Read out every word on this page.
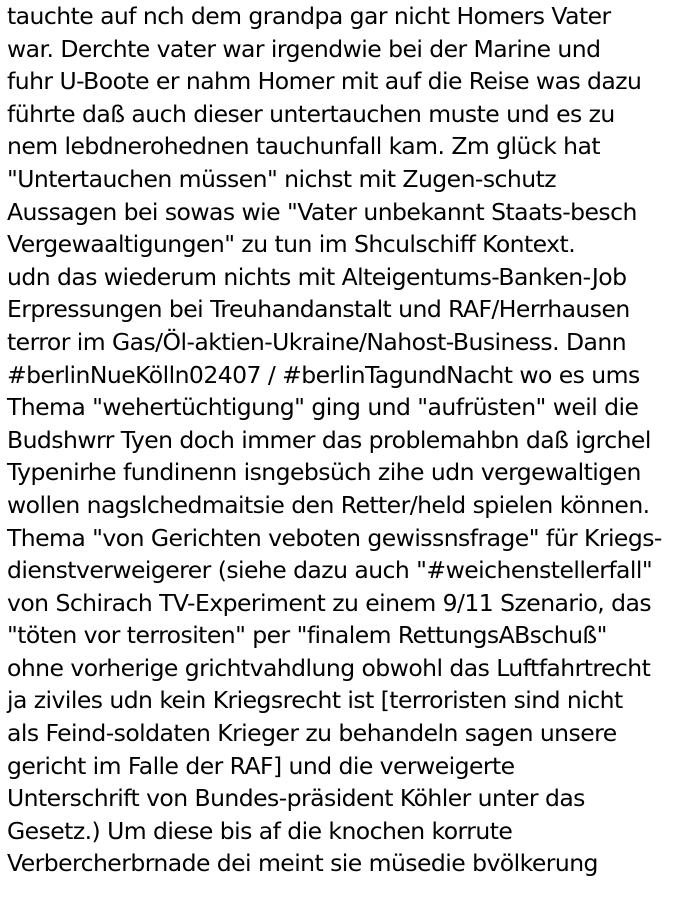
tauchte auf nch dem grandpa gar nicht Homers Vater
war. Derchte vater war irgendwie bei der Marine und
fuhr U-Boote er nahm Homer mit auf die Reise was dazu
führte daß auch dieser untertauchen muste und es zu
nem lebdnerohednen tauchunfall kam. Zm glück hat
"Untertauchen müssen" nichst mit Zugen-schutz
Aussagen bei sowas wie "Vater unbekannt Staats-besch
Vergewaaltigungen" zu tun im Shculschiff Kontext.
udn das wiederum nichts mit Alteigentums-Banken-Job
Erpressungen bei Treuhandanstalt und RAF/Herrhausen
terror im Gas/Öl-aktien-Ukraine/Nahost-Business. Dann
#berlinNueKölln02407 / #berlinTagundNacht wo es ums
Thema "wehertüchtigung" ging und "aufrüsten" weil die
Budshwrr Tyen doch immer das problemahbn daß igrchel
Typenirhe fundinenn isngebsüch zihe udn vergewaltigen
wollen nagslchedmaitsie den Retter/held spielen können.
Thema "von Gerichten veboten gewissnsfrage" für Kriegs-
dienstverweigerer (siehe dazu auch "#weichenstellerfall"
von Schirach TV-Experiment zu einem 9/11 Szenario, das
"töten vor terrositen" per "finalem RettungsABschuß"
ohne vorherige grichtvahdlung obwohl das Luftfahrtrecht
ja ziviles udn kein Kriegsrecht ist [terroristen sind nicht
als Feind-soldaten Krieger zu behandeln sagen unsere
gericht im Falle der RAF] und die verweigerte
Unterschrift von Bundes-präsident Köhler unter das
Gesetz.) Um diese bis af die knochen korrute
Verbercherbrnade dei meint sie müsedie bvölkerung
